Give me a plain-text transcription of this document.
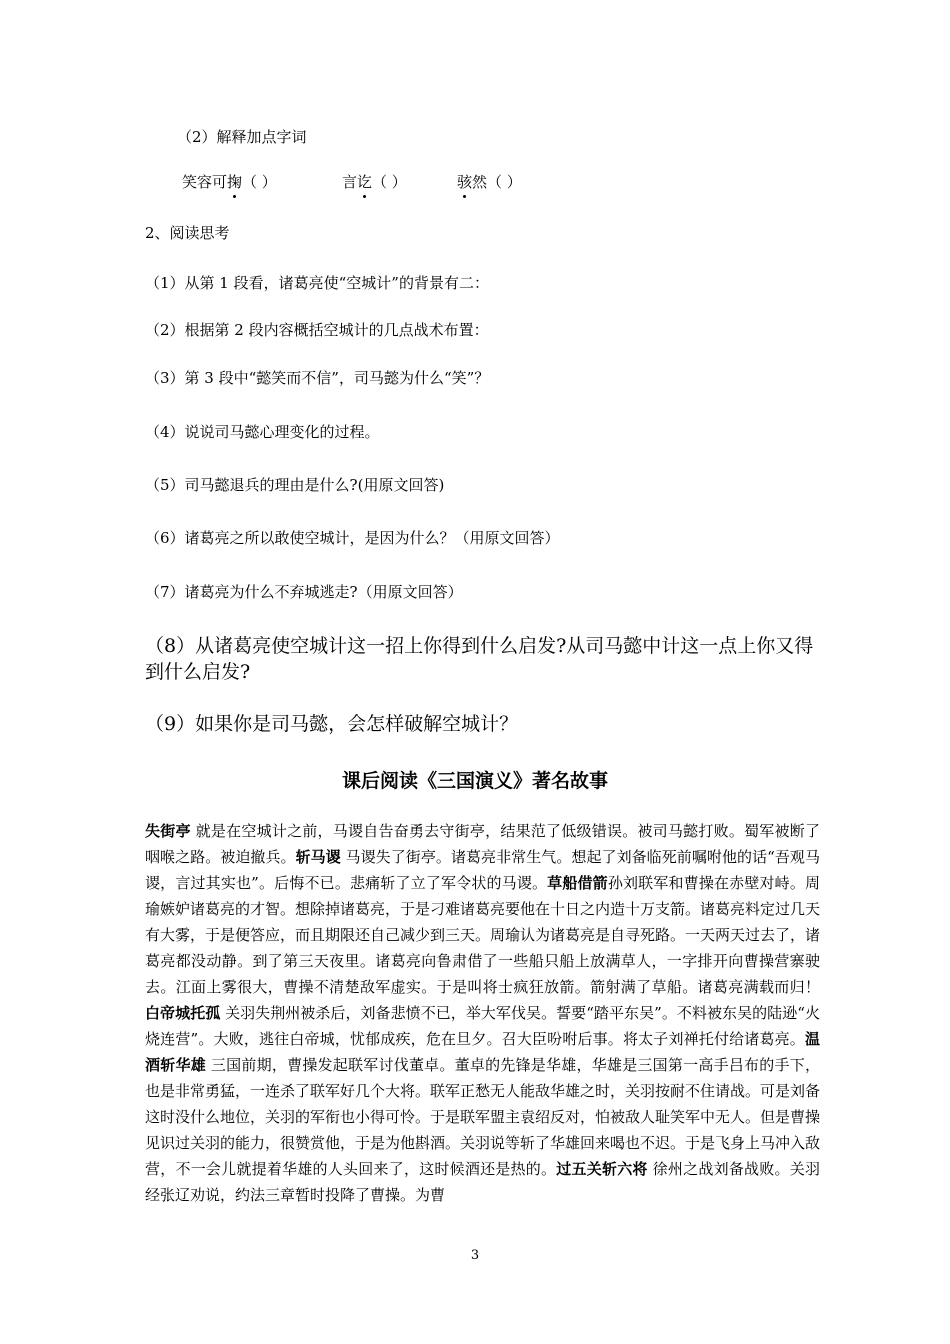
（2）解释加点字词
笑容可掬
（ ）	言讫
（ ）	骇
然（ ）
2、阅读思考
（1）从第 1 段看，诸葛亮使“空城计”的背景有二：
（2）根据第 2 段内容概括空城计的几点战术布置：
（3）第 3 段中“懿笑而不信”，司马懿为什么“笑”？
（4）说说司马懿心理变化的过程。
（5）司马懿退兵的理由是什么?(用原文回答)
（6）诸葛亮之所以敢使空城计，是因为什么？（用原文回答）
（7）诸葛亮为什么不弃城逃走?（用原文回答）
（8）从诸葛亮使空城计这一招上你得到什么启发?从司马懿中计这一点上你又得
到什么启发?
（9）如果你是司马懿，会怎样破解空城计？
课后阅读《三国演义》著名故事
失街亭 就是在空城计之前，马谡自告奋勇去守街亭，结果范了低级错误。被司马懿打败。蜀军被断了咽喉之路。被迫撤兵。斩马谡 马谡失了街亭。诸葛亮非常生气。想起了刘备临死前嘱咐他的话“吾观马谡，言过其实也”。后悔不已。悲痛斩了立了军令状的马谡。草船借箭孙刘联军和曹操在赤壁对峙。周瑜嫉妒诸葛亮的才智。想除掉诸葛亮，于是刁难诸葛亮要他在十日之内造十万支箭。诸葛亮料定过几天有大雾，于是便答应，而且期限还自己减少到三天。周瑜认为诸葛亮是自寻死路。一天两天过去了，诸葛亮都没动静。到了第三天夜里。诸葛亮向鲁肃借了一些船只船上放满草人，一字排开向曹操营寨驶去。江面上雾很大，曹操不清楚敌军虚实。于是叫将士疯狂放箭。箭射满了草船。诸葛亮满载而归！白帝城托孤 关羽失荆州被杀后，刘备悲愤不已，举大军伐吴。誓要“踏平东吴”。不料被东吴的陆逊“火烧连营”。大败，逃往白帝城，忧郁成疾，危在旦夕。召大臣吩咐后事。将太子刘禅托付给诸葛亮。温酒斩华雄 三国前期，曹操发起联军讨伐董卓。董卓的先锋是华雄，华雄是三国第一高手吕布的手下，也是非常勇猛，一连杀了联军好几个大将。联军正愁无人能敌华雄之时，关羽按耐不住请战。可是刘备这时没什么地位，关羽的军衔也小得可怜。于是联军盟主袁绍反对，怕被敌人耻笑军中无人。但是曹操见识过关羽的能力，很赞赏他，于是为他斟酒。关羽说等斩了华雄回来喝也不迟。于是飞身上马冲入敌营，不一会儿就提着华雄的人头回来了，这时候酒还是热的。过五关斩六将 徐州之战刘备战败。关羽经张辽劝说，约法三章暂时投降了曹操。为曹
3
